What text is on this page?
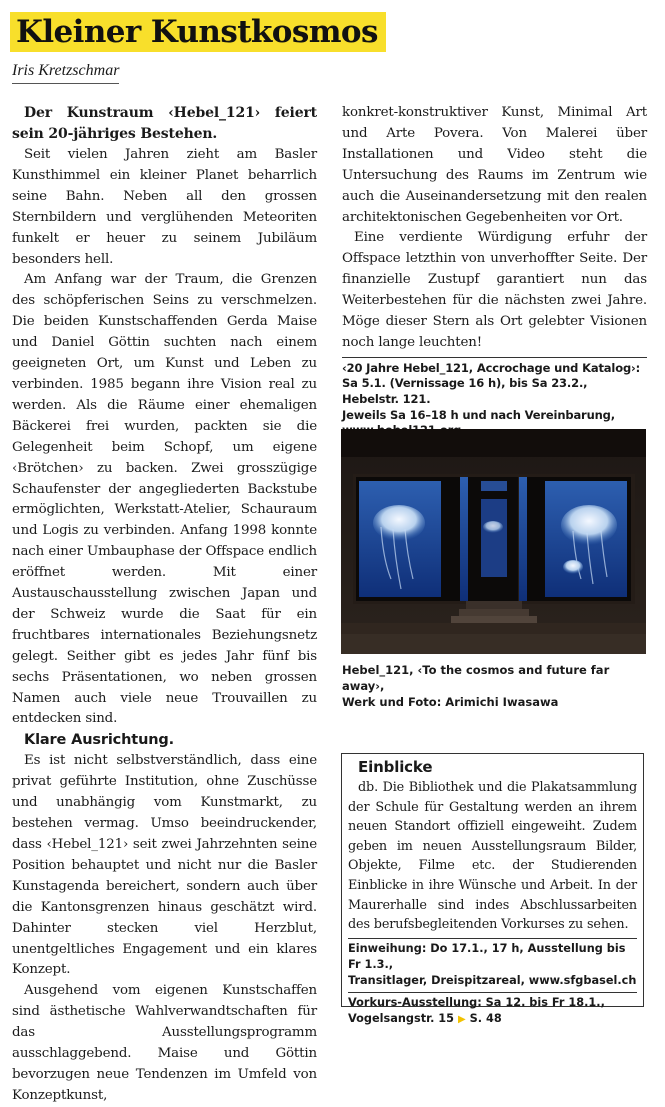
Kleiner Kunstkosmos
Iris Kretzschmar

Der Kunstraum ‹Hebel_121› feiert sein 20-jähriges Bestehen.

Seit vielen Jahren zieht am Basler Kunsthimmel ein kleiner Planet beharrlich seine Bahn. Neben all den grossen Sternbildern und verglühenden Meteoriten funkelt er heuer zu seinem Jubiläum besonders hell.

Am Anfang war der Traum, die Grenzen des schöpferischen Seins zu verschmelzen. Die beiden Kunstschaffenden Gerda Maise und Daniel Göttin suchten nach einem geeigneten Ort, um Kunst und Leben zu verbinden. 1985 begann ihre Vision real zu werden. Als die Räume einer ehemaligen Bäckerei frei wurden, packten sie die Gelegenheit beim Schopf, um eigene ‹Brötchen› zu backen. Zwei grosszügige Schaufenster der angegliederten Backstube ermöglichten, Werkstatt-Atelier, Schauraum und Logis zu verbinden. Anfang 1998 konnte nach einer Umbauphase der Offspace endlich eröffnet werden. Mit einer Austauschausstellung zwischen Japan und der Schweiz wurde die Saat für ein fruchtbares internationales Beziehungsnetz gelegt. Seither gibt es jedes Jahr fünf bis sechs Präsentationen, wo neben grossen Namen auch viele neue Trouvaillen zu entdecken sind.

Klare Ausrichtung.

Es ist nicht selbstverständlich, dass eine privat geführte Institution, ohne Zuschüsse und unabhängig vom Kunstmarkt, zu bestehen vermag. Umso beeindruckender, dass ‹Hebel_121› seit zwei Jahrzehnten seine Position behauptet und nicht nur die Basler Kunstagenda bereichert, sondern auch über die Kantonsgrenzen hinaus geschätzt wird. Dahinter stecken viel Herzblut, unentgeltliches Engagement und ein klares Konzept.

Ausgehend vom eigenen Kunstschaffen sind ästhetische Wahlverwandtschaften für das Ausstellungsprogramm ausschlaggebend. Maise und Göttin bevorzugen neue Tendenzen im Umfeld von Konzeptkunst,

konkret-konstruktiver Kunst, Minimal Art und Arte Povera. Von Malerei über Installationen und Video steht die Untersuchung des Raums im Zentrum wie auch die Auseinandersetzung mit den realen architektonischen Gegebenheiten vor Ort.

Eine verdiente Würdigung erfuhr der Offspace letzthin von unverhoffter Seite. Der finanzielle Zustupf garantiert nun das Weiterbestehen für die nächsten zwei Jahre. Möge dieser Stern als Ort gelebter Visionen noch lange leuchten!

‹20 Jahre Hebel_121, Accrochage und Katalog›:
Sa 5.1. (Vernissage 16 h), bis Sa 23.2., Hebelstr. 121.
Jeweils Sa 16–18 h und nach Vereinbarung,
Hebel_121, ‹To the cosmos and future far away›,
Werk und Foto: Arimichi Iwasawa

Einblicke

db. Die Bibliothek und die Plakatsammlung der Schule für Gestaltung werden an ihrem neuen Standort offiziell eingeweiht. Zudem geben im neuen Ausstellungsraum Bilder, Objekte, Filme etc. der Studierenden Einblicke in ihre Wünsche und Arbeit. In der Maurerhalle sind indes Abschlussarbeiten des berufsbegleitenden Vorkurses zu sehen.

Einweihung: Do 17.1., 17 h, Ausstellung bis Fr 1.3.,
Transitlager, Dreispitzareal, www.sfgbasel.ch
Vorkurs-Ausstellung: Sa 12. bis Fr 18.1.,
Vogelsangstr. 15 ▶ S. 48
